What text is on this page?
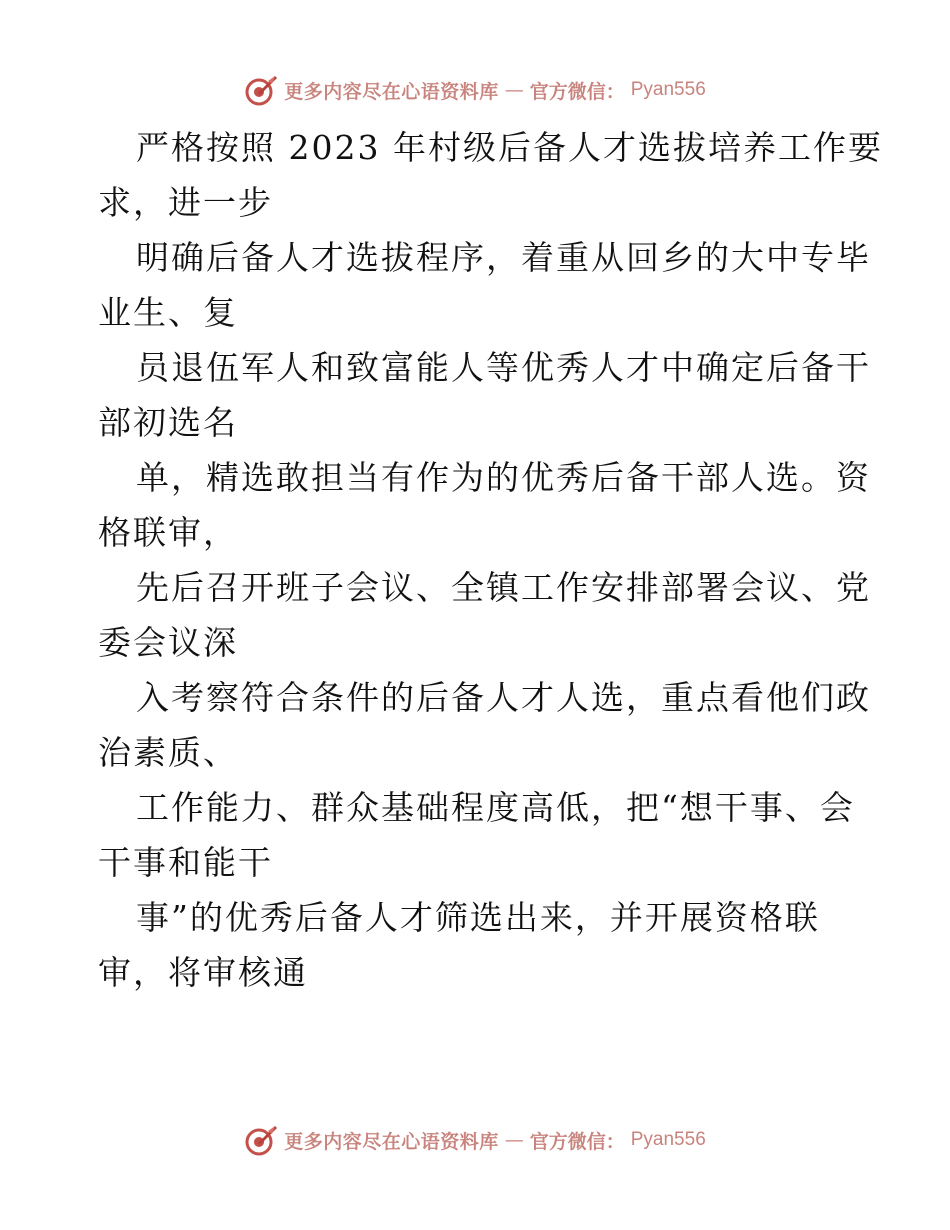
更多内容尽在心语资料库 — 官方微信： Pyan556

严格按照 2023 年村级后备人才选拔培养工作要
求，进一步

明确后备人才选拔程序，着重从回乡的大中专毕
业生、复

员退伍军人和致富能人等优秀人才中确定后备干
部初选名

单，精选敢担当有作为的优秀后备干部人选。资
格联审，

先后召开班子会议、全镇工作安排部署会议、党
委会议深

入考察符合条件的后备人才人选，重点看他们政
治素质、

工作能力、群众基础程度高低，把“想干事、会
干事和能干

事”的优秀后备人才筛选出来，并开展资格联
审，将审核通

更多内容尽在心语资料库 — 官方微信： Pyan556
